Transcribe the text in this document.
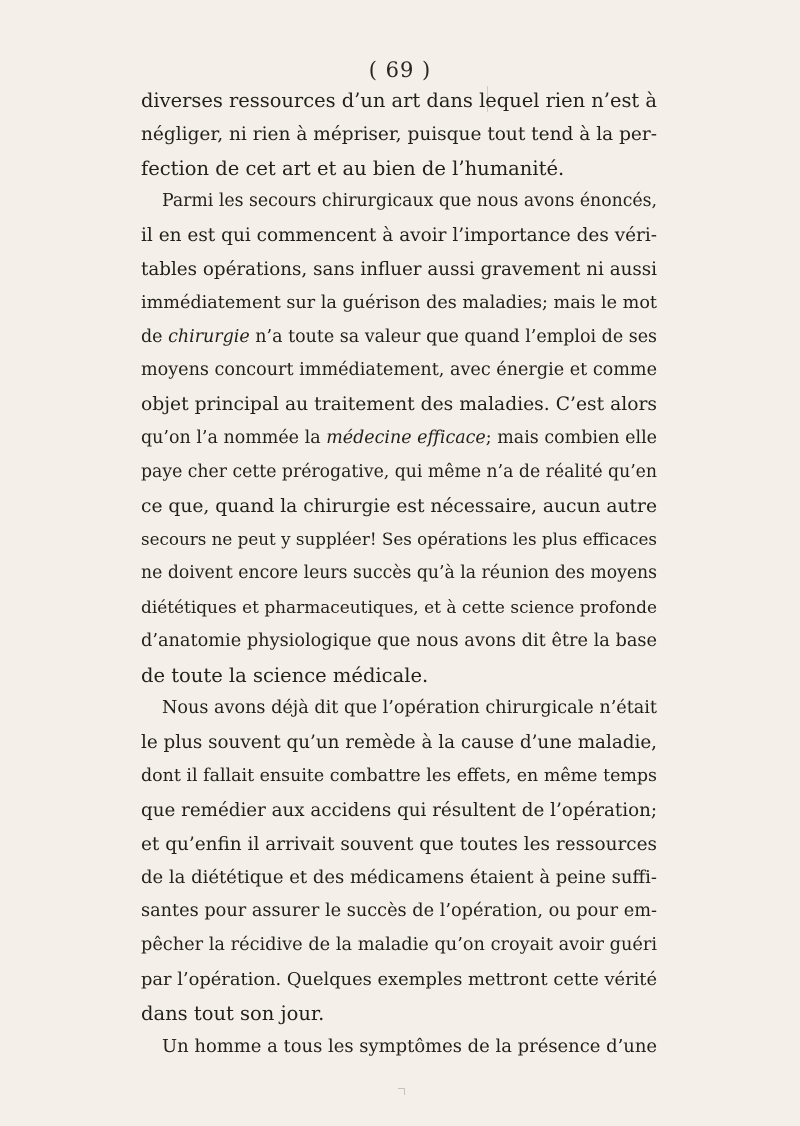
( 69 )
diverses ressources d’un art dans lequel rien n’est à
négliger, ni rien à mépriser, puisque tout tend à la per-
fection de cet art et au bien de l’humanité.
Parmi les secours chirurgicaux que nous avons énoncés,
il en est qui commencent à avoir l’importance des véri-
tables opérations, sans influer aussi gravement ni aussi
immédiatement sur la guérison des maladies; mais le mot
de chirurgie n’a toute sa valeur que quand l’emploi de ses
moyens concourt immédiatement, avec énergie et comme
objet principal au traitement des maladies. C’est alors
qu’on l’a nommée la médecine efficace; mais combien elle
paye cher cette prérogative, qui même n’a de réalité qu’en
ce que, quand la chirurgie est nécessaire, aucun autre
secours ne peut y suppléer! Ses opérations les plus efficaces
ne doivent encore leurs succès qu’à la réunion des moyens
diététiques et pharmaceutiques, et à cette science profonde
d’anatomie physiologique que nous avons dit être la base
de toute la science médicale.
Nous avons déjà dit que l’opération chirurgicale n’était
le plus souvent qu’un remède à la cause d’une maladie,
dont il fallait ensuite combattre les effets, en même temps
que remédier aux accidens qui résultent de l’opération;
et qu’enfin il arrivait souvent que toutes les ressources
de la diététique et des médicamens étaient à peine suffi-
santes pour assurer le succès de l’opération, ou pour em-
pêcher la récidive de la maladie qu’on croyait avoir guéri
par l’opération. Quelques exemples mettront cette vérité
dans tout son jour.
Un homme a tous les symptômes de la présence d’une
